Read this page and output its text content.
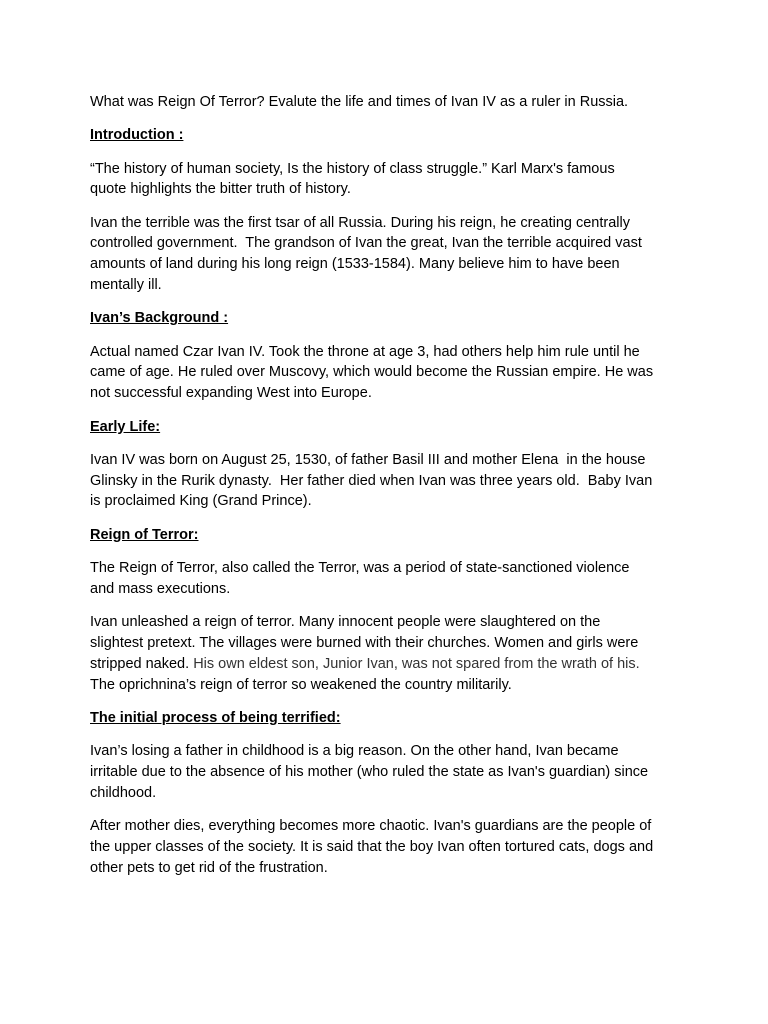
What was Reign Of Terror? Evalute the life and times of Ivan IV as a ruler in Russia.

Introduction :

“The history of human society, Is the history of class struggle.” Karl Marx's famous
quote highlights the bitter truth of history.

Ivan the terrible was the first tsar of all Russia. During his reign, he creating centrally
controlled government.  The grandson of Ivan the great, Ivan the terrible acquired vast
amounts of land during his long reign (1533-1584). Many believe him to have been
mentally ill.

Ivan’s Background :

Actual named Czar Ivan IV. Took the throne at age 3, had others help him rule until he
came of age. He ruled over Muscovy, which would become the Russian empire. He was
not successful expanding West into Europe.

Early Life:

Ivan IV was born on August 25, 1530, of father Basil III and mother Elena  in the house
Glinsky in the Rurik dynasty.  Her father died when Ivan was three years old.  Baby Ivan
is proclaimed King (Grand Prince).

Reign of Terror:

The Reign of Terror, also called the Terror, was a period of state-sanctioned violence
and mass executions.

Ivan unleashed a reign of terror. Many innocent people were slaughtered on the
slightest pretext. The villages were burned with their churches. Women and girls were
stripped naked. His own eldest son, Junior Ivan, was not spared from the wrath of his.
The oprichnina’s reign of terror so weakened the country militarily.

The initial process of being terrified:

Ivan’s losing a father in childhood is a big reason. On the other hand, Ivan became
irritable due to the absence of his mother (who ruled the state as Ivan's guardian) since
childhood.

After mother dies, everything becomes more chaotic. Ivan's guardians are the people of
the upper classes of the society. It is said that the boy Ivan often tortured cats, dogs and
other pets to get rid of the frustration.
